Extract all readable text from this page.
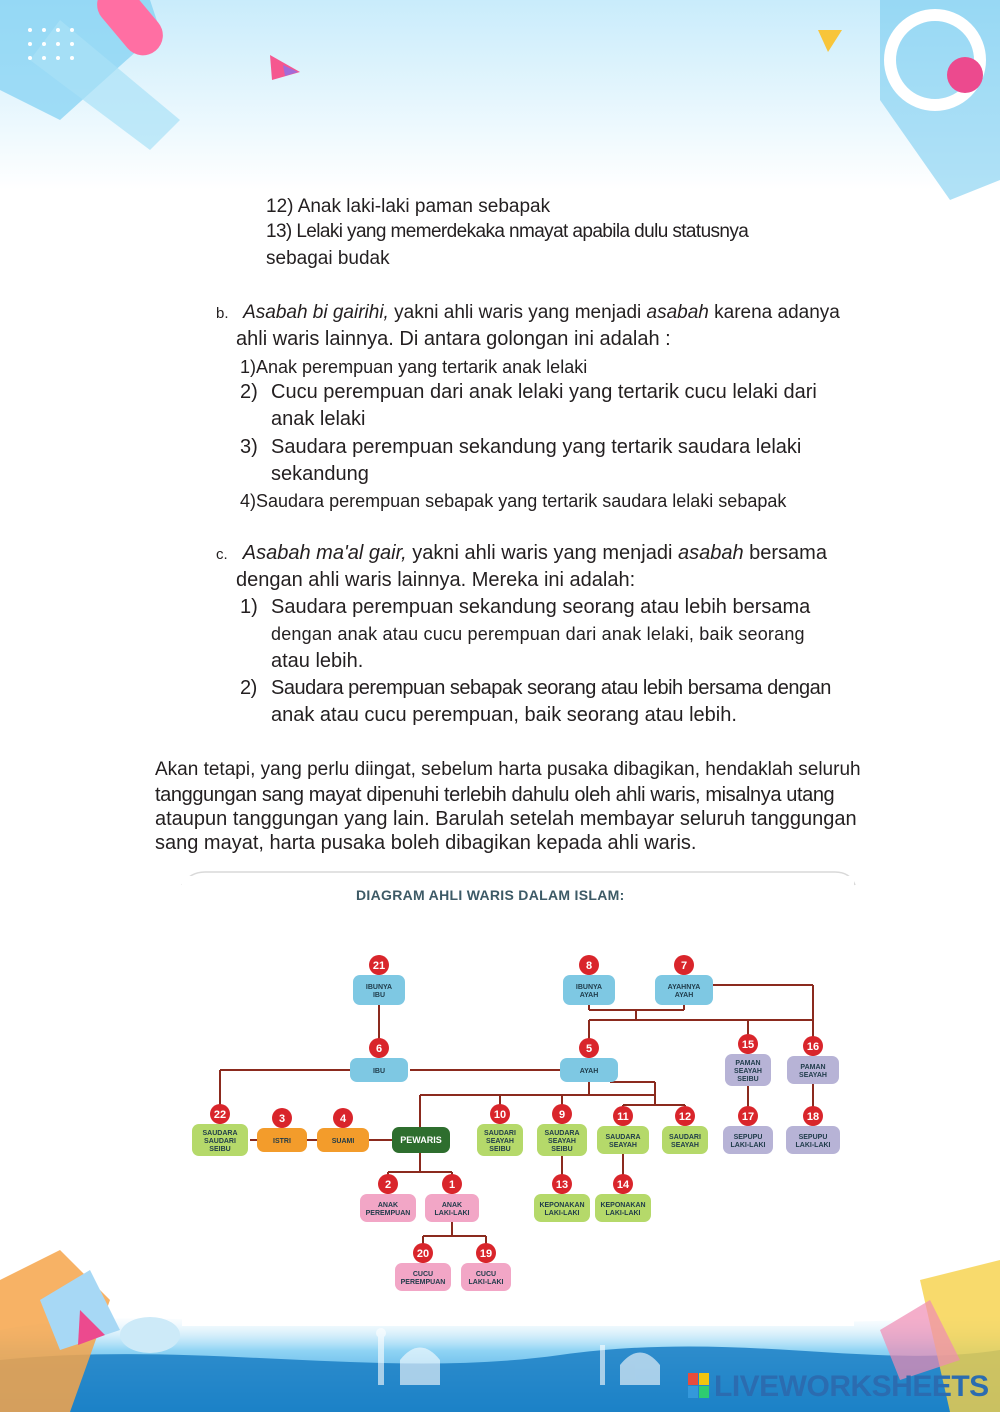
12) Anak laki-laki paman sebapak
13) Lelaki yang memerdekaka nmayat apabila dulu statusnya
sebagai budak
b. Asabah bi gairihi, yakni ahli waris yang menjadi asabah karena adanya
ahli waris lainnya. Di antara golongan ini adalah :
1)Anak perempuan yang tertarik anak lelaki
2) Cucu perempuan dari anak lelaki yang tertarik cucu lelaki dari
anak lelaki
3) Saudara perempuan sekandung yang tertarik saudara lelaki
sekandung
4)Saudara perempuan sebapak yang tertarik saudara lelaki sebapak
c. Asabah ma'al gair, yakni ahli waris yang menjadi asabah bersama
dengan ahli waris lainnya. Mereka ini adalah:
1) Saudara perempuan sekandung seorang atau lebih bersama
dengan anak atau cucu perempuan dari anak lelaki, baik seorang
atau lebih.
2) Saudara perempuan sebapak seorang atau lebih bersama dengan
anak atau cucu perempuan, baik seorang atau lebih.
Akan tetapi, yang perlu diingat, sebelum harta pusaka dibagikan, hendaklah seluruh
tanggungan sang mayat dipenuhi terlebih dahulu oleh ahli waris, misalnya utang
ataupun tanggungan yang lain. Barulah setelah membayar seluruh tanggungan
sang mayat, harta pusaka boleh dibagikan kepada ahli waris.
IBUNYA
IBU
21
IBUNYA
AYAH
8
AYAHNYA
AYAH
7
IBU
6
AYAH
5
PAMAN
SEAYAH
SEIBU
15
PAMAN
SEAYAH
16
SAUDARA
SAUDARI
SEIBU
22
ISTRI
3
SUAMI
4
PEWARIS
SAUDARI
SEAYAH
SEIBU
10
SAUDARA
SEAYAH
SEIBU
9
SAUDARA
SEAYAH
11
SAUDARI
SEAYAH
12
SEPUPU
LAKI-LAKI
17
SEPUPU
LAKI-LAKI
18
ANAK
PEREMPUAN
2
ANAK
LAKI-LAKI
1
KEPONAKAN
LAKI-LAKI
13
KEPONAKAN
LAKI-LAKI
14
CUCU
PEREMPUAN
20
CUCU
LAKI-LAKI
19
DIAGRAM AHLI WARIS DALAM ISLAM:
LIVEWORKSHEETS
